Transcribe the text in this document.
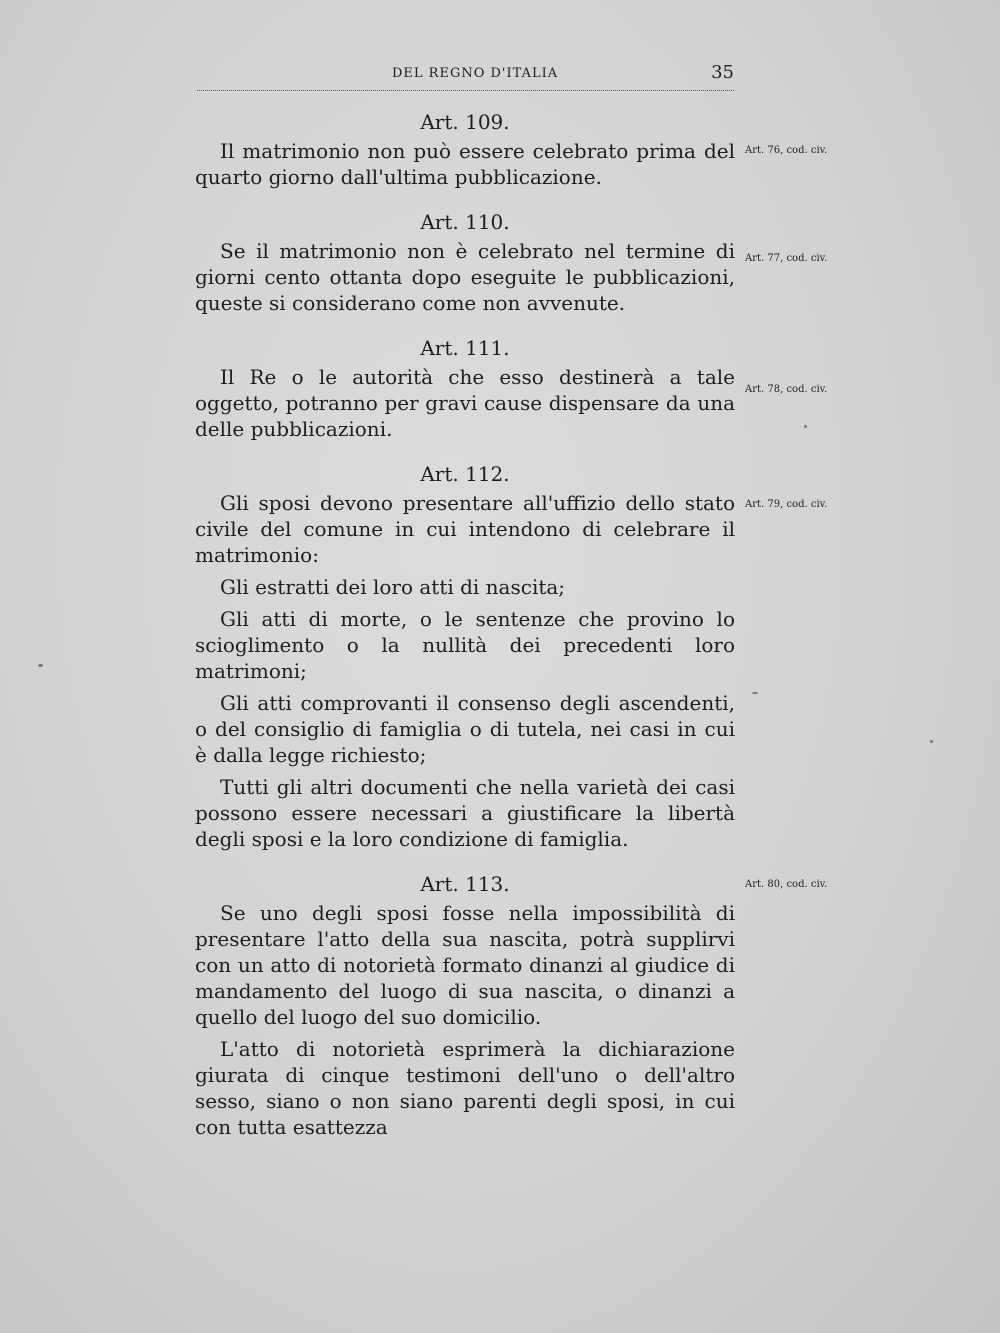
DEL REGNO D'ITALIA	35
Art. 109.

Il matrimonio non può essere celebrato prima del quarto giorno dall'ultima pubblicazione.

Art. 110.

Se il matrimonio non è celebrato nel termine di giorni cento ottanta dopo eseguite le pubblicazioni, queste si considerano come non avvenute.

Art. 111.

Il Re o le autorità che esso destinerà a tale oggetto, potranno per gravi cause dispensare da una delle pubblicazioni.

Art. 112.

Gli sposi devono presentare all'uffizio dello stato civile del comune in cui intendono di celebrare il matrimonio:

Gli estratti dei loro atti di nascita;

Gli atti di morte, o le sentenze che provino lo scioglimento o la nullità dei precedenti loro matrimoni;

Gli atti comprovanti il consenso degli ascendenti, o del consiglio di famiglia o di tutela, nei casi in cui è dalla legge richiesto;

Tutti gli altri documenti che nella varietà dei casi possono essere necessari a giustificare la libertà degli sposi e la loro condizione di famiglia.

Art. 113.

Se uno degli sposi fosse nella impossibilità di presentare l'atto della sua nascita, potrà supplirvi con un atto di notorietà formato dinanzi al giudice di mandamento del luogo di sua nascita, o dinanzi a quello del luogo del suo domicilio.

L'atto di notorietà esprimerà la dichiarazione giurata di cinque testimoni dell'uno o dell'altro sesso, siano o non siano parenti degli sposi, in cui con tutta esattezza

Art. 76, cod. civ.
Art. 77, cod. civ.
Art. 78, cod. civ.
Art. 79, cod. civ.
Art. 80, cod. civ.
